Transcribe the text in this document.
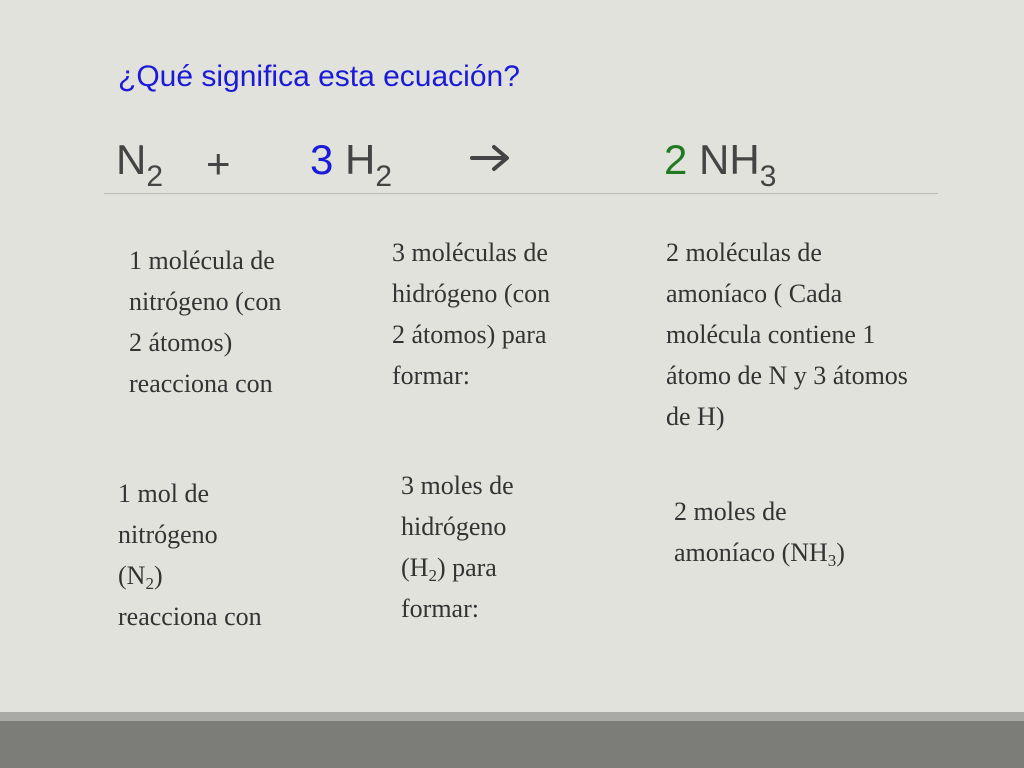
¿Qué significa esta ecuación?
$N_2 + 3$ $H_2$	2 $NH_3$
1 molécula de
nitrógeno (con
2 átomos)
reacciona con
3 moléculas de
hidrógeno (con
2 átomos) para
formar:
2 moléculas de
amoníaco ( Cada
molécula contiene 1
átomo de N y 3 átomos
de H)
1 mol de
nitrógeno
$(N_2)$
reacciona con
3 moles de
hidrógeno
$(H_2)$ para
formar:
2 moles de
amoníaco $(NH_3)$
